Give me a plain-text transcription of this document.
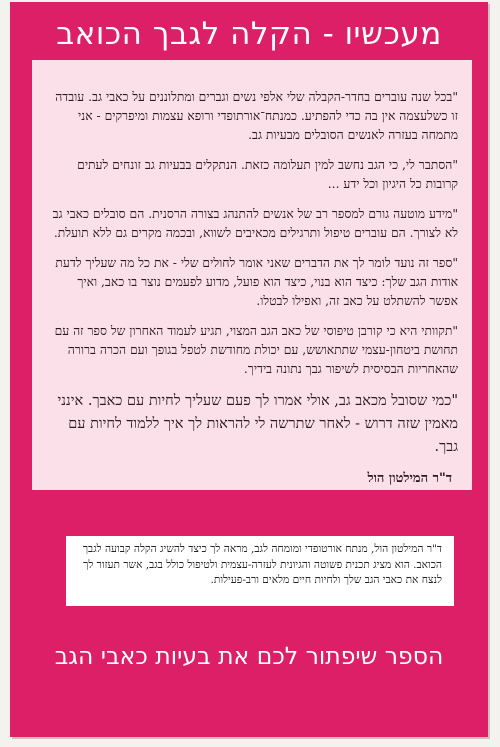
מעכשיו - הקלה לגבך הכואב

"בכל שנה עוברים בחדר-הקבלה שלי אלפי נשים וגברים ומתלוננים על כאבי גב. עובדה זו כשלעצמה אין בה כדי להפתיע. כמנתח־אורתופדי ורופא עצמות ומיפרקים - אני מתמחה בעזרה לאנשים הסובלים מבעיות גב.

"הסתבר לי, כי הגב נחשב למין תעלומה כזאת. הנתקלים בבעיות גב זונחים לעתים קרובות כל היגיון וכל ידע ...

"מידע מוטעה גורם למספר רב של אנשים להתנהג בצורה הרסנית. הם סובלים כאבי גב לא לצורך. הם עוברים טיפול ותרגילים מכאיבים לשווא, ובכמה מקרים גם ללא תועלת.

"ספר זה נועד לומר לך את הדברים שאני אומר לחולים שלי - את כל מה שעליך לדעת אודות הגב שלך: כיצד הוא בנוי, כיצד הוא פועל, מדוע לפעמים נוצר בו כאב, ואיך אפשר להשתלט על כאב זה, ואפילו לבטלו.

"תקוותי היא כי קורבן טיפוסי של כאב הגב המצוי, תגיע לעמוד האחרון של ספר זה עם תחושת ביטחון-עצמי שתתאושש, עם יכולת מחודשת לטפל בגופך ועם הכרה ברורה שהאחריות הבסיסית לשיפור גבך נתונה בידיך.

"כמי שסובל מכאב גב, אולי אמרו לך פעם שעליך לחיות עם כאבך. אינני מאמין שזה דרוש - לאחר שתרשה לי להראות לך איך ללמוד לחיות עם גבך.

ד"ר המילטון הול

ד"ר המילטון הול, מנתח אורטופדי ומומחה לגב, מראה לך כיצד להשיג הקלה קבועה לגבך הכואב. הוא מציג תכנית פשוטה והגיונית לעזרה-עצמית ולטיפול כולל בגב, אשר תעזור לך לנצח את כאבי הגב שלך ולחיות חיים מלאים ורב-פעילות.
הספר שיפתור לכם את בעיות כאבי הגב
